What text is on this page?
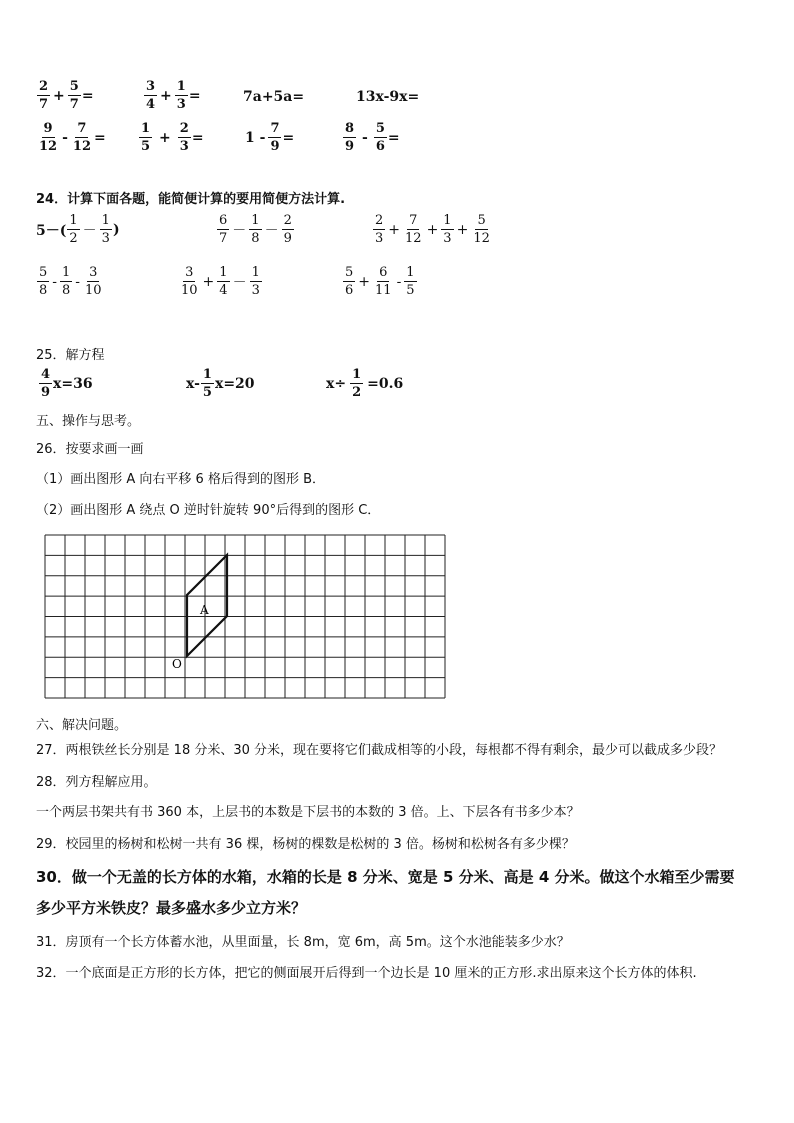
$\frac{2}{7} + \frac{5}{7}$ =	$\frac{3}{4} + \frac{1}{3}$ =	7a+5a=	13x-9x=
$\frac{9}{12} - \frac{7}{12}$ =	$\frac{1}{5} + \frac{2}{3}$ =	$1 - \frac{7}{9}$ =	$\frac{8}{9} - \frac{5}{6}$ =
24．计算下面各题，能简便计算的要用简便方法计算.
$5-( \frac{1}{2} - \frac{1}{3}$ )	$\frac{6}{7} - \frac{1}{8} - \frac{2}{9}$	$\frac{2}{3} + \frac{7}{12} + \frac{1}{3} + \frac{5}{12}$
$\frac{5}{8} - \frac{1}{8} - \frac{3}{10}$	$\frac{3}{10} + \frac{1}{4} - \frac{1}{3}$	$\frac{5}{6} + \frac{6}{11} - \frac{1}{5}$
25．解方程
$\frac{4}{9} x=36$	$x- \frac{1}{5} x=20$	$x\div \frac{1}{2} =0.6$
五、操作与思考。
26．按要求画一画
（1）画出图形 A 向右平移 6 格后得到的图形 B．
（2）画出图形 A 绕点 O 逆时针旋转 90°后得到的图形 C．
A
O
六、解决问题。
27．两根铁丝长分别是 18 分米、30 分米，现在要将它们截成相等的小段，每根都不得有剩余，最少可以截成多少段？
28．列方程解应用。
一个两层书架共有书 360 本，上层书的本数是下层书的本数的 3 倍。上、下层各有书多少本？
29．校园里的杨树和松树一共有 36 棵，杨树的棵数是松树的 3 倍。杨树和松树各有多少棵？
30．做一个无盖的长方体的水箱，水箱的长是 8 分米、宽是 5 分米、高是 4 分米。做这个水箱至少需要
多少平方米铁皮？最多盛水多少立方米？
31．房顶有一个长方体蓄水池，从里面量，长 8m，宽 6m，高 5m。这个水池能装多少水？
32．一个底面是正方形的长方体，把它的侧面展开后得到一个边长是 10 厘米的正方形.求出原来这个长方体的体积.
